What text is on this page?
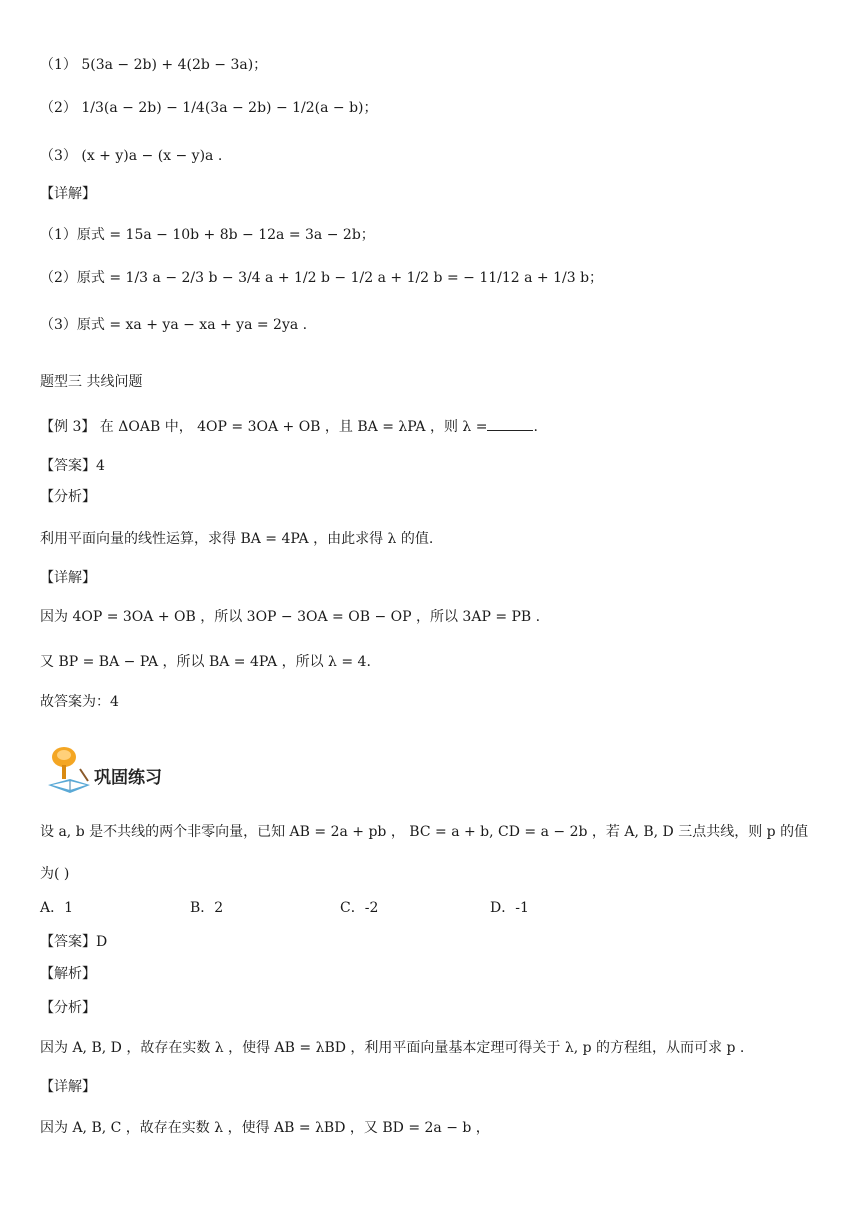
（1） 5(3a − 2b) + 4(2b − 3a)；
（2） 1/3(a − 2b) − 1/4(3a − 2b) − 1/2(a − b)；
（3） (x + y)a − (x − y)a .
【详解】
（1）原式 = 15a − 10b + 8b − 12a = 3a − 2b；
（2）原式 = 1/3 a − 2/3 b − 3/4 a + 1/2 b − 1/2 a + 1/2 b = − 11/12 a + 1/3 b；
（3）原式 = xa + ya − xa + ya = 2ya .
题型三 共线问题
【例 3】 在 ΔOAB 中， 4OP = 3OA + OB ，且 BA = λPA ，则 λ =	.
【答案】4
【分析】
利用平面向量的线性运算，求得 BA = 4PA ，由此求得 λ 的值.
【详解】
因为 4OP = 3OA + OB ，所以 3OP − 3OA = OB − OP ，所以 3AP = PB .
又 BP = BA − PA ，所以 BA = 4PA ，所以 λ = 4.
故答案为：4
巩固练习
设 a, b 是不共线的两个非零向量，已知 AB = 2a + pb ， BC = a + b, CD = a − 2b ，若 A, B, D 三点共线，则 p 的值
为( )
A．1	B．2	C．-2	D．-1
【答案】D
【解析】
【分析】
因为 A, B, D ，故存在实数 λ ，使得 AB = λBD ，利用平面向量基本定理可得关于 λ, p 的方程组，从而可求 p .
【详解】
因为 A, B, C ，故存在实数 λ ，使得 AB = λBD ，又 BD = 2a − b ，
